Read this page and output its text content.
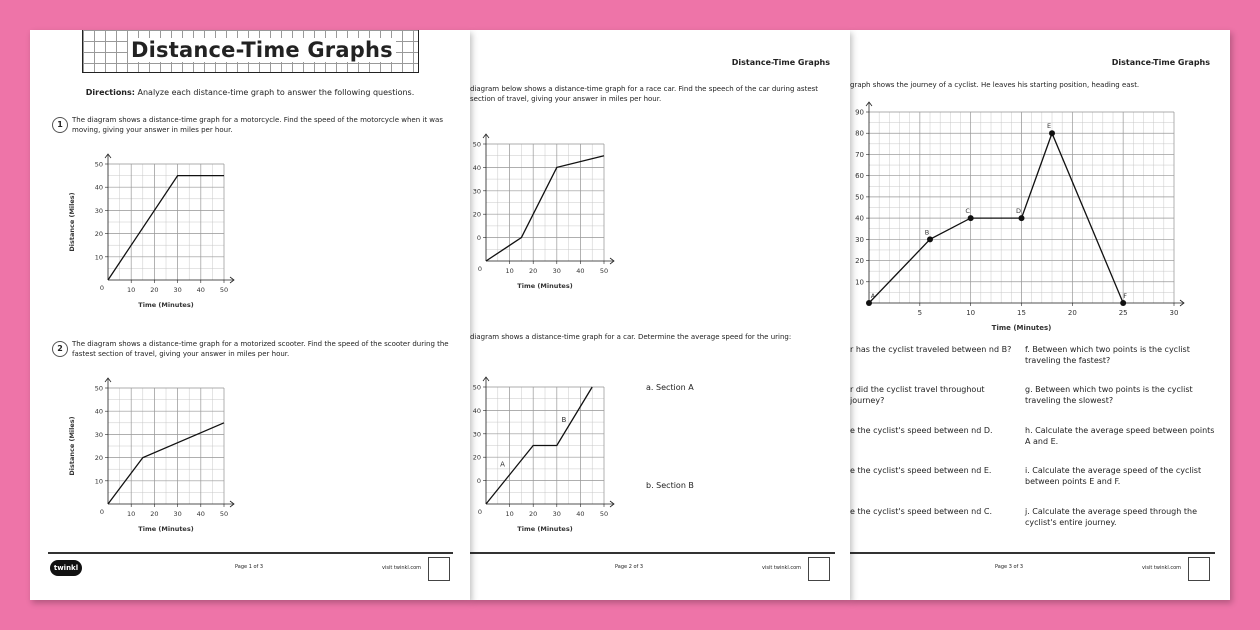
Distance-Time Graphs
graph shows the journey of a cyclist. He leaves his starting position, heading east.
5	10	15	20	25	30
10
20
30
40
50
60
70
80
90
Time (Minutes)
A
B
C	D
E
F
r has the cyclist traveled between nd B?
r did the cyclist travel throughout journey?
e the cyclist's speed between nd D.
e the cyclist's speed between nd E.
e the cyclist's speed between nd C.
f. Between which two points is the cyclist traveling the fastest?
g. Between which two points is the cyclist traveling the slowest?
h. Calculate the average speed between points A and E.
i. Calculate the average speed of the cyclist between points E and F.
j. Calculate the average speed through the cyclist's entire journey.
Page 3 of 3	visit twinkl.com
Distance-Time Graphs
diagram below shows a distance-time graph for a race car. Find the speech of the car during astest section of travel, giving your answer in miles per hour.
10 20 30 40 50
0
20
30
40
50
0
Time (Minutes)
diagram shows a distance-time graph for a car. Determine the average speed for the uring:
10 20 30 40 50
0
20
30
40
50
0
Time (Minutes)
A
B
a. Section A
b. Section B
Page 2 of 3	visit twinkl.com
Distance-Time Graphs
Directions: Analyze each distance-time graph to answer the following questions.
1	The diagram shows a distance-time graph for a motorcycle. Find the speed of the motorcycle when it was moving, giving your answer in miles per hour.
10 20 30 40 50
10
20
30
40
50
0
Time (Minutes)
Distance (Miles)
2	The diagram shows a distance-time graph for a motorized scooter. Find the speed of the scooter during the fastest section of travel, giving your answer in miles per hour.
10 20 30 40 50
10
20
30
40
50
0
Time (Minutes)
Distance (Miles)
twinkl	Page 1 of 3	visit twinkl.com
